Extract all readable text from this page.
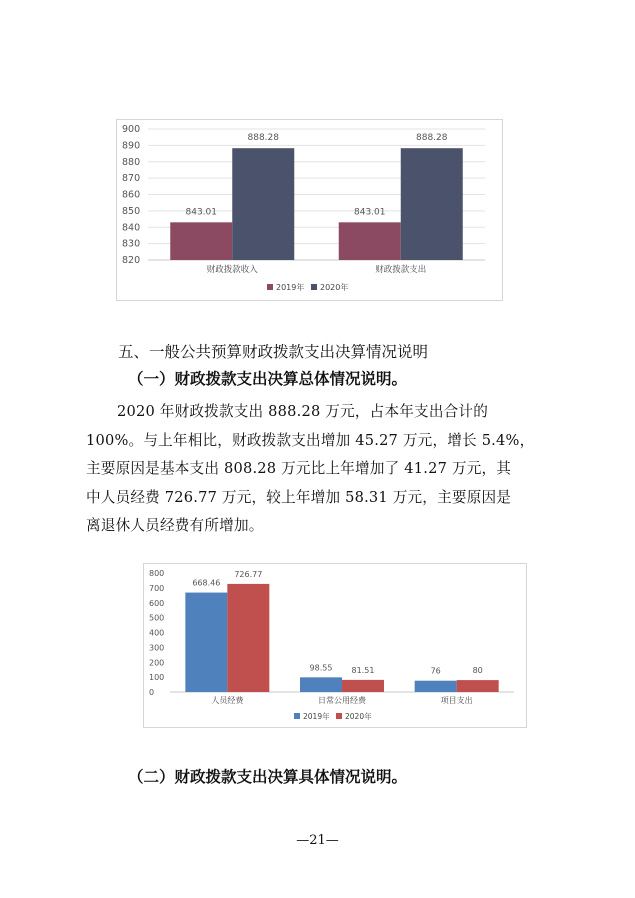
820
830
840
850
860
870
880
890
900
843.01
888.28
财政拨款收入
843.01
888.28
财政拨款支出
2019年 2020年
五、一般公共预算财政拨款支出决算情况说明
（一）财政拨款支出决算总体情况说明。
2020 年财政拨款支出 888.28 万元，占本年支出合计的
100%。与上年相比，财政拨款支出增加 45.27 万元，增长 5.4%，
主要原因是基本支出 808.28 万元比上年增加了 41.27 万元，其
中人员经费 726.77 万元，较上年增加 58.31 万元，主要原因是
离退休人员经费有所增加。
0
100
200
300
400
500
600
700
800
668.46
726.77
人员经费
98.55 81.51
日常公用经费
76	80
项目支出
2019年 2020年
（二）财政拨款支出决算具体情况说明。
—21—
